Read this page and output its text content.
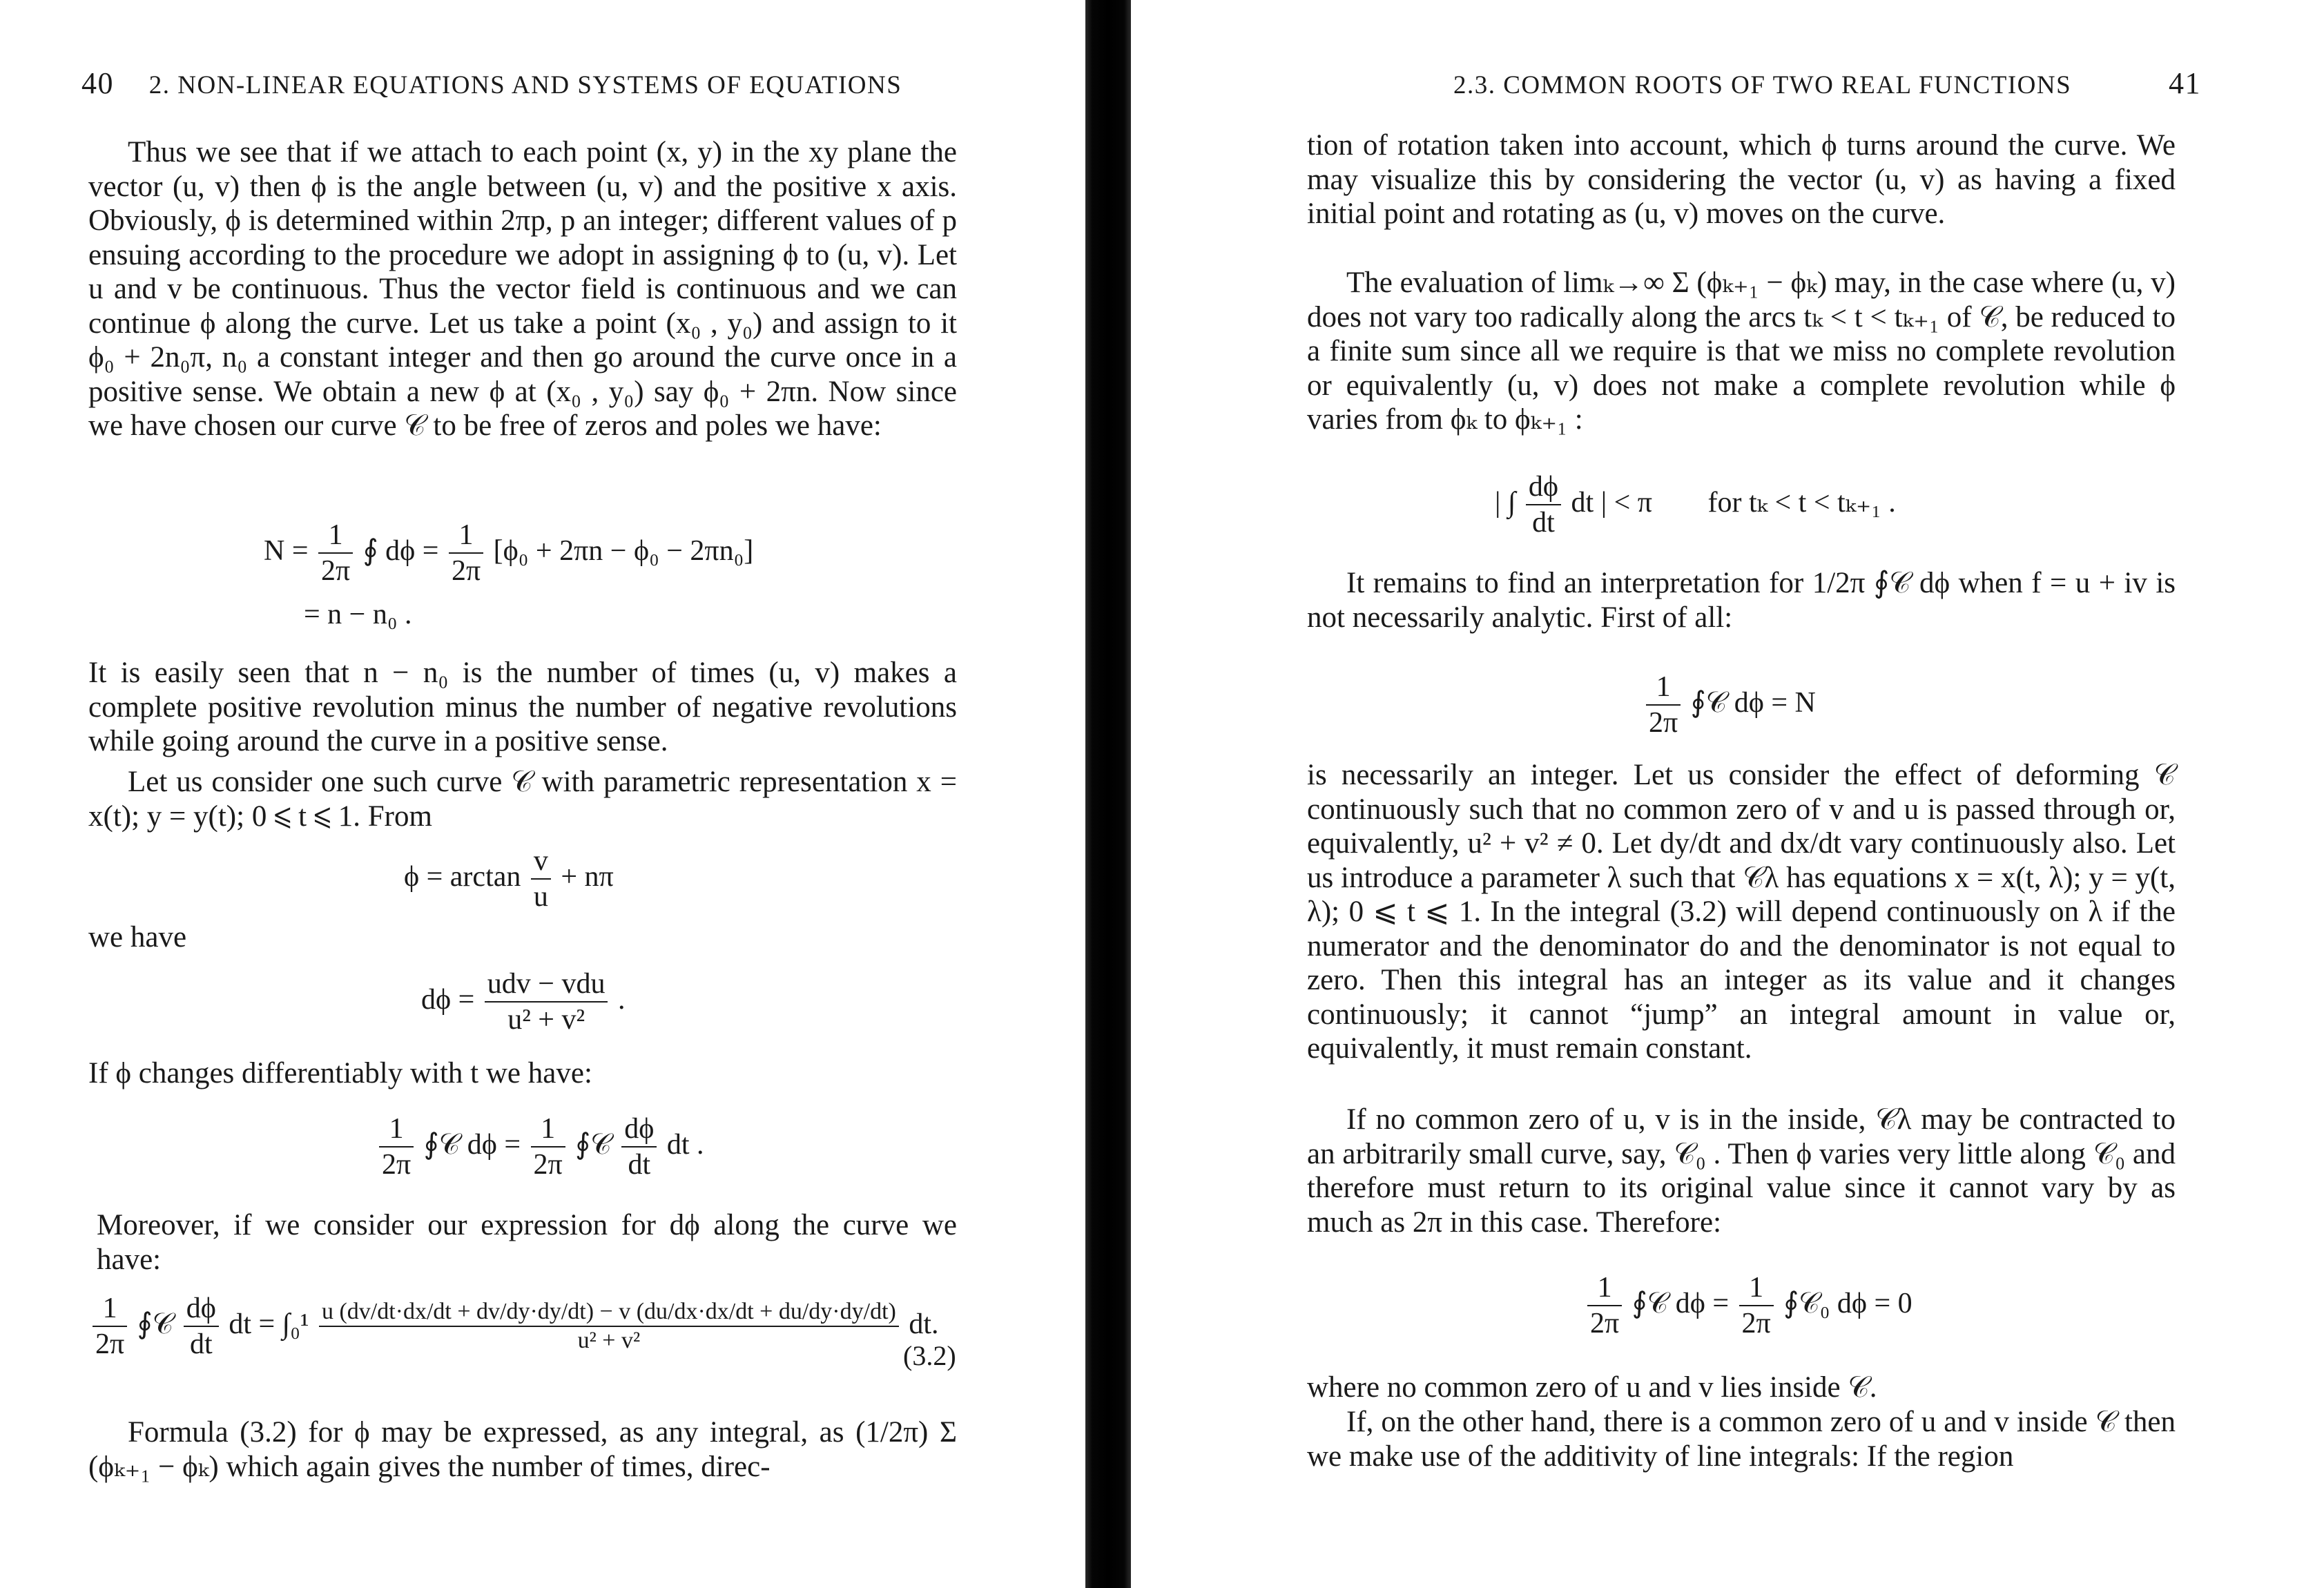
40 2. NON-LINEAR EQUATIONS AND SYSTEMS OF EQUATIONS
Thus we see that if we attach to each point (x, y) in the xy plane the vector (u, v) then ϕ is the angle between (u, v) and the positive x axis. Obviously, ϕ is determined within 2πp, p an integer; different values of p ensuing according to the procedure we adopt in assigning ϕ to (u, v). Let u and v be continuous. Thus the vector field is continuous and we can continue ϕ along the curve. Let us take a point (x₀ , y₀) and assign to it ϕ₀ + 2n₀π, n₀ a constant integer and then go around the curve once in a positive sense. We obtain a new ϕ at (x₀ , y₀) say ϕ₀ + 2πn. Now since we have chosen our curve 𝒞 to be free of zeros and poles we have:
$N = \frac{1}{2\pi}$ ∮ $d\phi = \frac{1}{2\pi} [\phi_0 + 2\pi n - \phi_0 - 2\pi n_0]$
= n − n₀ .
It is easily seen that n − n₀ is the number of times (u, v) makes a complete positive revolution minus the number of negative revolutions while going around the curve in a positive sense.
Let us consider one such curve 𝒞 with parametric representation x = x(t); y = y(t); 0 ⩽ t ⩽ 1. From
$\phi = \arctan \frac{v}{u} + n\pi$
we have
$d\phi = \frac{\text{udv − vdu}}{\text{u² + v²}}$ .
If ϕ changes differentiably with t we have:
$\frac{1}{2\pi}$ ∮𝒞 $d\phi = \frac{1}{2\pi}$ ∮𝒞 $\frac{d\phi}{dt}$ dt .
Moreover, if we consider our expression for dϕ along the curve we have:
$\frac{1}{2\pi}$ ∮𝒞 $\frac{d\phi}{dt}$ dt = ∫₀¹ u (dv/dt·dx/dt + dv/dy·dy/dt) − v (du/dx·dx/dt + du/dy·dy/dt)
u² + v²
dt.
(3.2)
Formula (3.2) for ϕ may be expressed, as any integral, as (1/2π) Σ (ϕₖ₊₁ − ϕₖ) which again gives the number of times, direc-
2.3. COMMON ROOTS OF TWO REAL FUNCTIONS	41
tion of rotation taken into account, which ϕ turns around the curve. We may visualize this by considering the vector (u, v) as having a fixed initial point and rotating as (u, v) moves on the curve.
The evaluation of limₖ→∞ Σ (ϕₖ₊₁ − ϕₖ) may, in the case where (u, v) does not vary too radically along the arcs tₖ < t < tₖ₊₁ of 𝒞, be reduced to a finite sum since all we require is that we miss no complete revolution or equivalently (u, v) does not make a complete revolution while ϕ varies from ϕₖ to ϕₖ₊₁ :
| ∫ $\frac{d\phi}{dt}$ dt | < π for tₖ < t < tₖ₊₁ .
It remains to find an interpretation for 1/2π ∮𝒞 dϕ when f = u + iv is not necessarily analytic. First of all:
$\frac{1}{2\pi}$ ∮𝒞 dϕ = N
is necessarily an integer. Let us consider the effect of deforming 𝒞 continuously such that no common zero of v and u is passed through or, equivalently, u² + v² ≠ 0. Let dy/dt and dx/dt vary continuously also. Let us introduce a parameter λ such that 𝒞λ has equations x = x(t, λ); y = y(t, λ); 0 ⩽ t ⩽ 1. In the integral (3.2) will depend continuously on λ if the numerator and the denominator do and the denominator is not equal to zero. Then this integral has an integer as its value and it changes continuously; it cannot “jump” an integral amount in value or, equivalently, it must remain constant.
If no common zero of u, v is in the inside, 𝒞λ may be contracted to an arbitrarily small curve, say, 𝒞₀ . Then ϕ varies very little along 𝒞₀ and therefore must return to its original value since it cannot vary by as much as 2π in this case. Therefore:
$\frac{1}{2\pi}$ ∮𝒞 $d\phi = \frac{1}{2\pi}$ ∮𝒞₀ dϕ = 0
where no common zero of u and v lies inside 𝒞.
If, on the other hand, there is a common zero of u and v inside 𝒞 then we make use of the additivity of line integrals: If the region
